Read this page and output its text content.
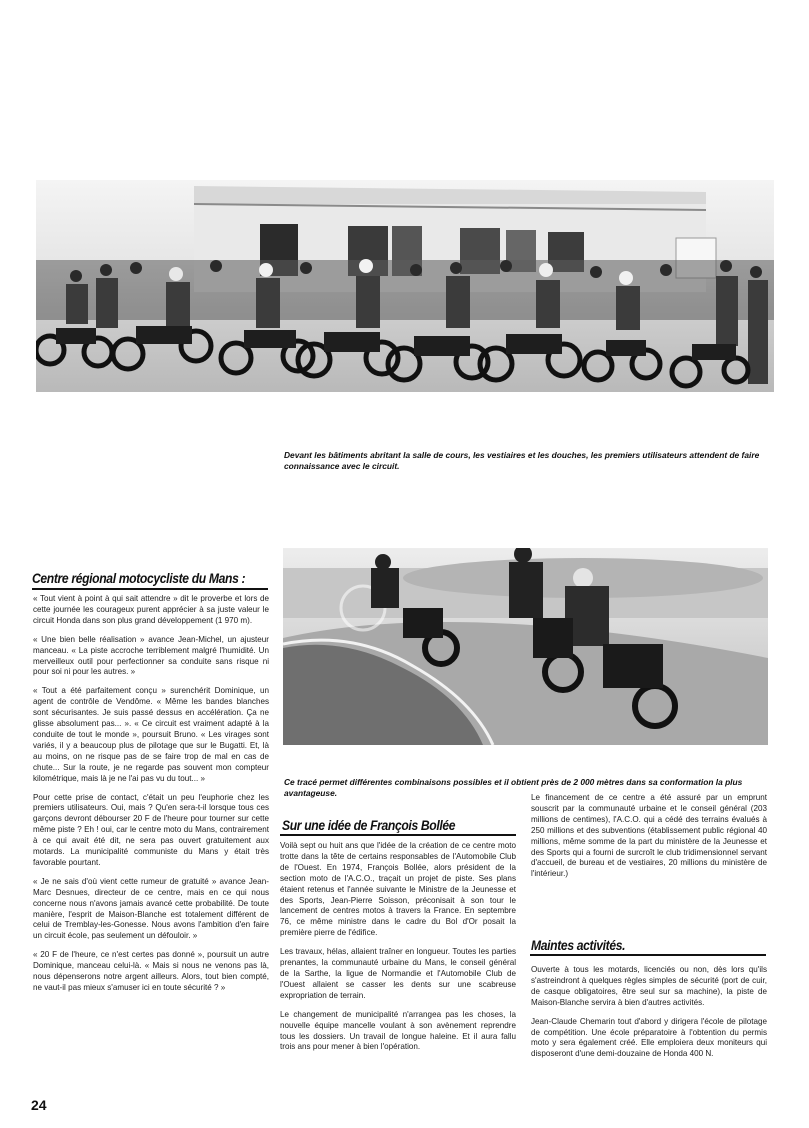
Devant les bâtiments abritant la salle de cours, les vestiaires et les douches, les premiers utilisateurs attendent de faire connaissance avec le circuit.
Ce tracé permet différentes combinaisons possibles et il obtient près de 2 000 mètres dans sa conformation la plus avantageuse.
Centre régional motocycliste du Mans :

« Tout vient à point à qui sait attendre » dit le proverbe et lors de cette journée les courageux purent apprécier à sa juste valeur le circuit Honda dans son plus grand développement (1 970 m).

« Une bien belle réalisation » avance Jean-Michel, un ajusteur manceau. « La piste accroche terriblement malgré l'humidité. Un merveilleux outil pour perfectionner sa conduite sans risque ni pour soi ni pour les autres. »

« Tout a été parfaitement conçu » surenchérit Dominique, un agent de contrôle de Vendôme. « Même les bandes blanches sont sécurisantes. Je suis passé dessus en accélération. Ça ne glisse absolument pas... ». « Ce circuit est vraiment adapté à la conduite de tout le monde », poursuit Bruno. « Les virages sont variés, il y a beaucoup plus de pilotage que sur le Bugatti. Et, là au moins, on ne risque pas de se faire trop de mal en cas de chute... Sur la route, je ne regarde pas souvent mon compteur kilométrique, mais là je ne l'ai pas vu du tout... »

Pour cette prise de contact, c'était un peu l'euphorie chez les premiers utilisateurs. Oui, mais ? Qu'en sera-t-il lorsque tous ces garçons devront débourser 20 F de l'heure pour tourner sur cette même piste ? Eh ! oui, car le centre moto du Mans, contrairement à ce qui avait été dit, ne sera pas ouvert gratuitement aux motards. La municipalité communiste du Mans y était très favorable pourtant.

« Je ne sais d'où vient cette rumeur de gratuité » avance Jean-Marc Desnues, directeur de ce centre, mais en ce qui nous concerne nous n'avons jamais avancé cette probabilité. De toute manière, l'esprit de Maison-Blanche est totalement différent de celui de Tremblay-les-Gonesse. Nous avons l'ambition d'en faire un circuit école, pas seulement un défouloir. »

« 20 F de l'heure, ce n'est certes pas donné », poursuit un autre Dominique, manceau celui-là. « Mais si nous ne venons pas là, nous dépenserons notre argent ailleurs. Alors, tout bien compté, ne vaut-il pas mieux s'amuser ici en toute sécurité ? »

Sur une idée de François Bollée

Voilà sept ou huit ans que l'idée de la création de ce centre moto trotte dans la tête de certains responsables de l'Automobile Club de l'Ouest. En 1974, François Bollée, alors président de la section moto de l'A.C.O., traçait un projet de piste. Ses plans étaient retenus et l'année suivante le Ministre de la Jeunesse et des Sports, Jean-Pierre Soisson, préconisait à son tour le lancement de centres motos à travers la France. En septembre 76, ce même ministre dans le cadre du Bol d'Or posait la première pierre de l'édifice.

Les travaux, hélas, allaient traîner en longueur. Toutes les parties prenantes, la communauté urbaine du Mans, le conseil général de la Sarthe, la ligue de Normandie et l'Automobile Club de l'Ouest allaient se casser les dents sur une scabreuse expropriation de terrain.

Le changement de municipalité n'arrangea pas les choses, la nouvelle équipe mancelle voulant à son avènement reprendre tous les dossiers. Un travail de longue haleine. Et il aura fallu trois ans pour mener à bien l'opération.

Le financement de ce centre a été assuré par un emprunt souscrit par la communauté urbaine et le conseil général (203 millions de centimes), l'A.C.O. qui a cédé des terrains évalués à 250 millions et des subventions (établissement public régional 40 millions, même somme de la part du ministère de la Jeunesse et des Sports qui a fourni de surcroît le club tridimensionnel servant d'accueil, de bureau et de vestiaires, 20 millions du ministère de l'intérieur.)

Maintes activités.

Ouverte à tous les motards, licenciés ou non, dès lors qu'ils s'astreindront à quelques règles simples de sécurité (port de cuir, de casque obligatoires, être seul sur sa machine), la piste de Maison-Blanche servira à bien d'autres activités.

Jean-Claude Chemarin tout d'abord y dirigera l'école de pilotage de compétition. Une école préparatoire à l'obtention du permis moto y sera également créé. Elle emploiera deux moniteurs qui disposeront d'une demi-douzaine de Honda 400 N.

24
